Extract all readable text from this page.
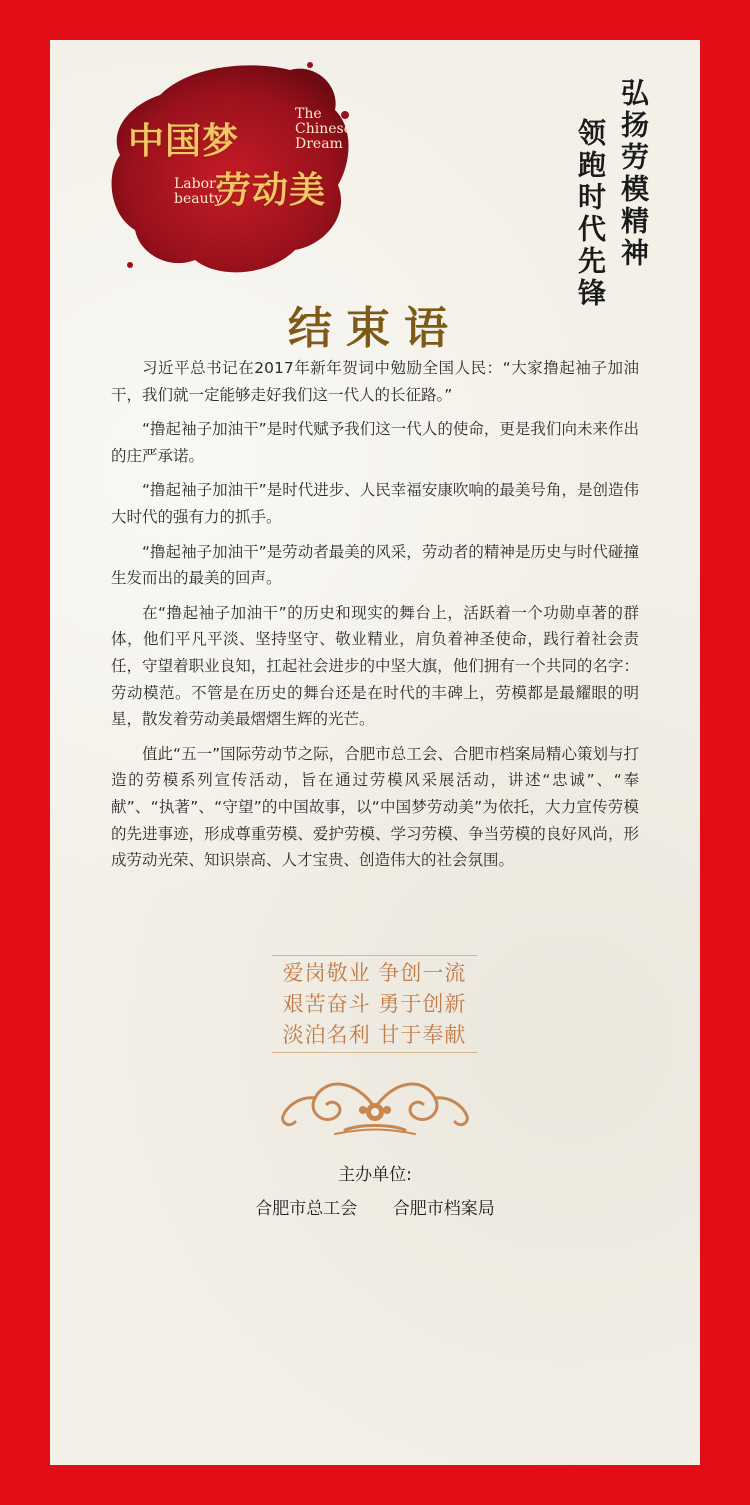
中国梦
劳动美
The
Chinese
Dream
Labor
beauty	弘扬劳模精神
领跑时代先锋
结束语

习近平总书记在2017年新年贺词中勉励全国人民：“大家撸起袖子加油干，我们就一定能够走好我们这一代人的长征路。”

“撸起袖子加油干”是时代赋予我们这一代人的使命，更是我们向未来作出的庄严承诺。

“撸起袖子加油干”是时代进步、人民幸福安康吹响的最美号角，是创造伟大时代的强有力的抓手。

“撸起袖子加油干”是劳动者最美的风采，劳动者的精神是历史与时代碰撞生发而出的最美的回声。

在“撸起袖子加油干”的历史和现实的舞台上，活跃着一个功勋卓著的群体，他们平凡平淡、坚持坚守、敬业精业，肩负着神圣使命，践行着社会责任，守望着职业良知，扛起社会进步的中坚大旗，他们拥有一个共同的名字：劳动模范。不管是在历史的舞台还是在时代的丰碑上，劳模都是最耀眼的明星，散发着劳动美最熠熠生辉的光芒。

值此“五一”国际劳动节之际，合肥市总工会、合肥市档案局精心策划与打造的劳模系列宣传活动，旨在通过劳模风采展活动，讲述“忠诚”、“奉献”、“执著”、“守望”的中国故事，以“中国梦劳动美”为依托，大力宣传劳模的先进事迹，形成尊重劳模、爱护劳模、学习劳模、争当劳模的良好风尚，形成劳动光荣、知识崇高、人才宝贵、创造伟大的社会氛围。

爱岗敬业 争创一流
艰苦奋斗 勇于创新
淡泊名利 甘于奉献
主办单位:
合肥市总工会 合肥市档案局
